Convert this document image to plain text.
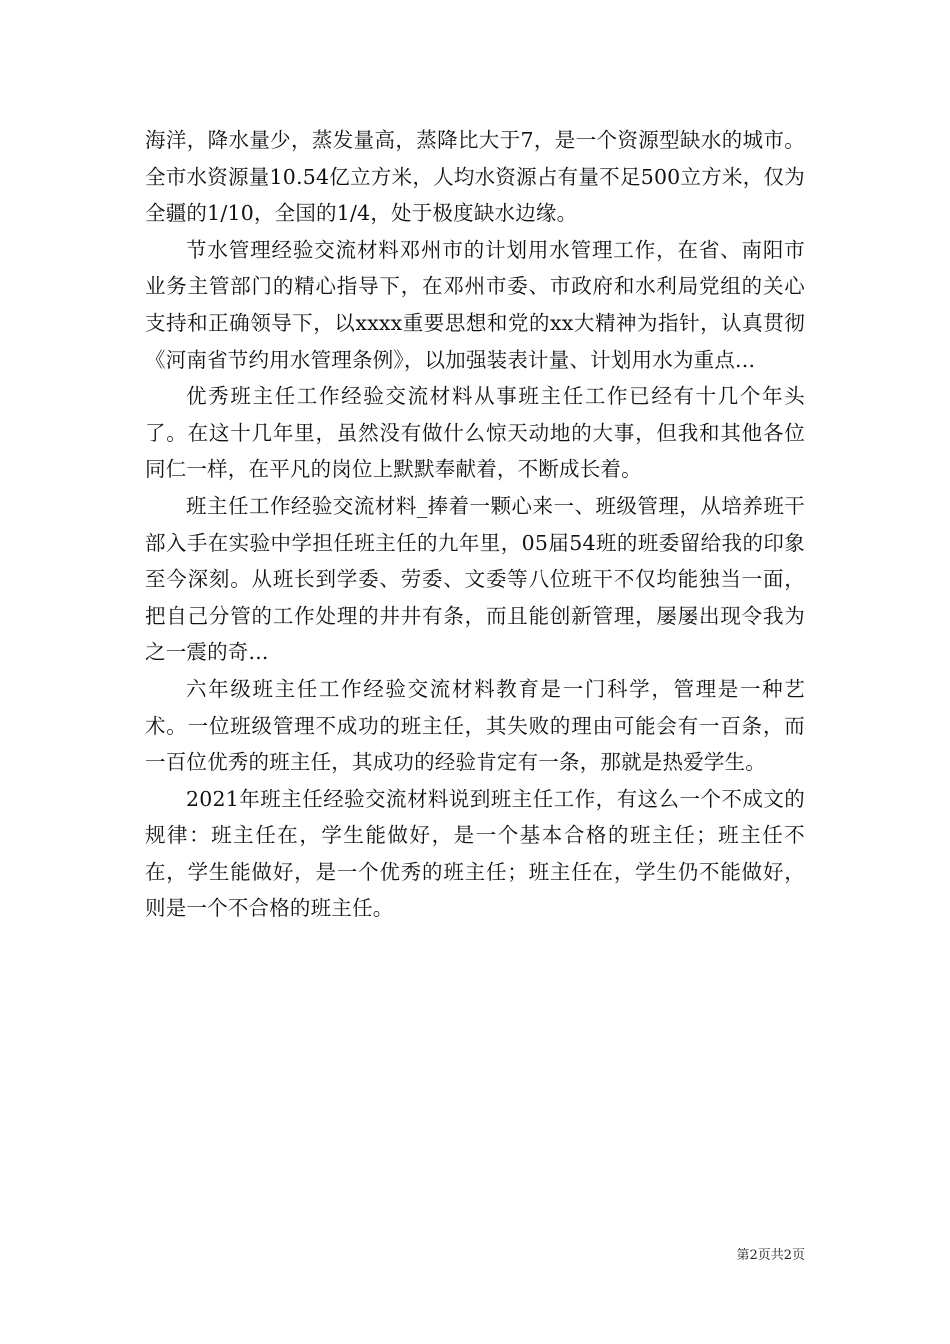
海洋，降水量少，蒸发量高，蒸降比大于7，是一个资源型缺水的城市。全市水资源量10.54亿立方米，人均水资源占有量不足500立方米，仅为全疆的1/10，全国的1/4，处于极度缺水边缘。

节水管理经验交流材料邓州市的计划用水管理工作，在省、南阳市业务主管部门的精心指导下，在邓州市委、市政府和水利局党组的关心支持和正确领导下，以xxxx重要思想和党的xx大精神为指针，认真贯彻《河南省节约用水管理条例》，以加强装表计量、计划用水为重点...

优秀班主任工作经验交流材料从事班主任工作已经有十几个年头了。在这十几年里，虽然没有做什么惊天动地的大事，但我和其他各位同仁一样，在平凡的岗位上默默奉献着，不断成长着。

班主任工作经验交流材料_捧着一颗心来一、班级管理，从培养班干部入手在实验中学担任班主任的九年里，05届54班的班委留给我的印象至今深刻。从班长到学委、劳委、文委等八位班干不仅均能独当一面，把自己分管的工作处理的井井有条，而且能创新管理，屡屡出现令我为之一震的奇...

六年级班主任工作经验交流材料教育是一门科学，管理是一种艺术。一位班级管理不成功的班主任，其失败的理由可能会有一百条，而一百位优秀的班主任，其成功的经验肯定有一条，那就是热爱学生。

2021年班主任经验交流材料说到班主任工作，有这么一个不成文的规律：班主任在，学生能做好，是一个基本合格的班主任；班主任不在，学生能做好，是一个优秀的班主任；班主任在，学生仍不能做好，则是一个不合格的班主任。

第2页共2页
